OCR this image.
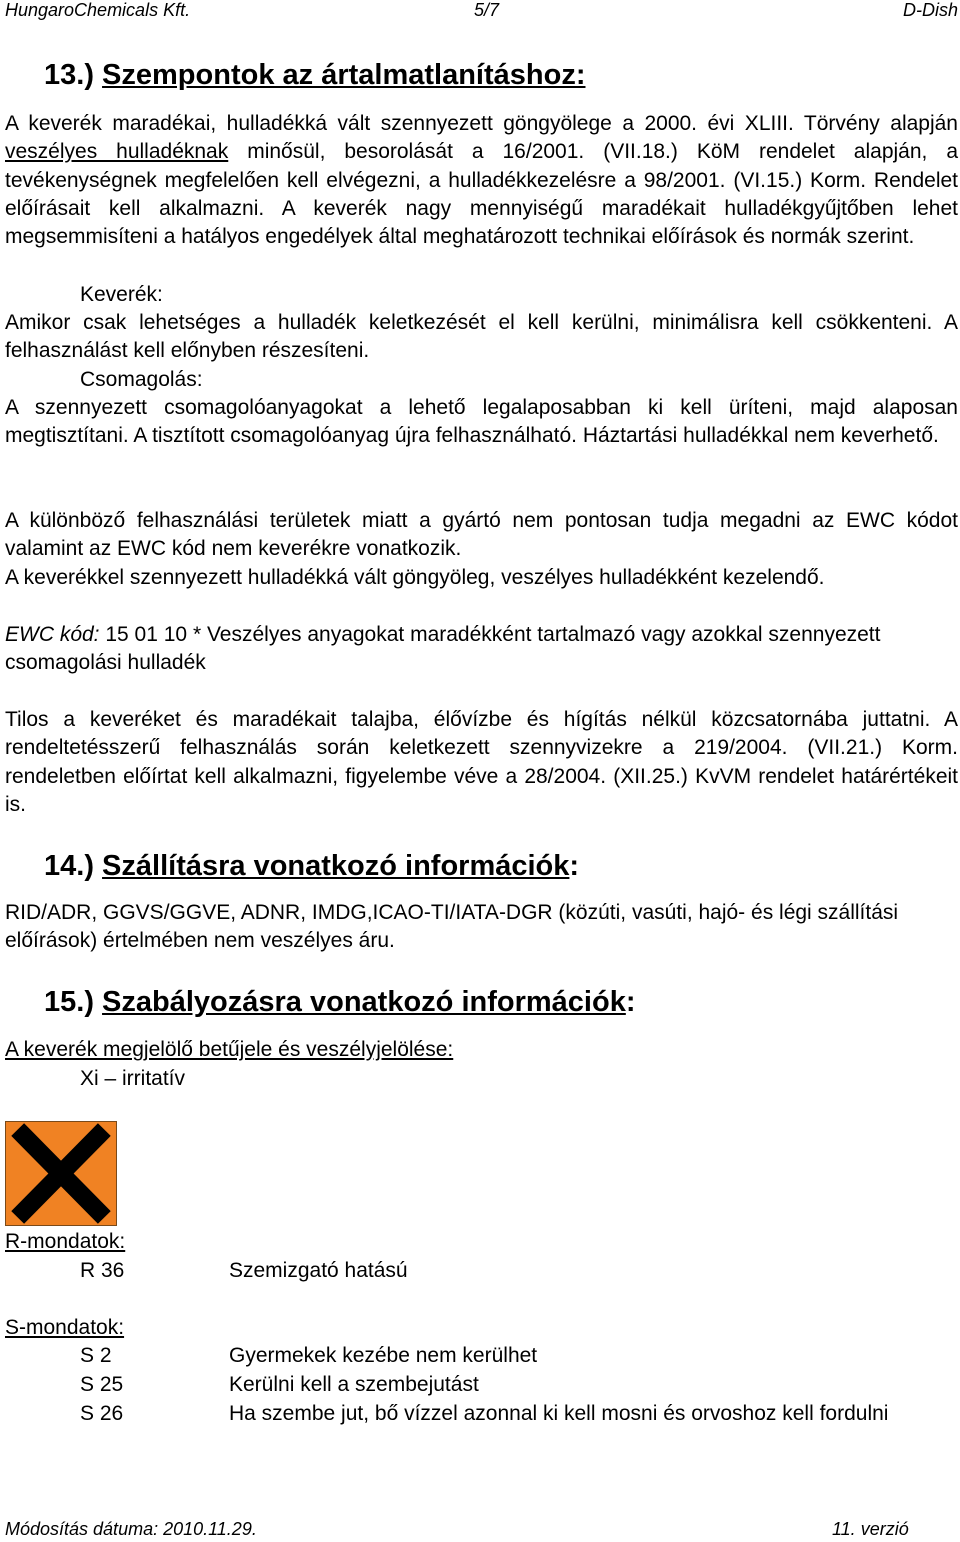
HungaroChemicals Kft.	5/7	D-Dish
13.) Szempontok az ártalmatlanításhoz:
A keverék maradékai, hulladékká vált szennyezett göngyölege a 2000. évi XLIII. Törvény alapján veszélyes hulladéknak minősül, besorolását a 16/2001. (VII.18.) KöM rendelet alapján, a tevékenységnek megfelelően kell elvégezni, a hulladékkezelésre a 98/2001. (VI.15.) Korm. Rendelet előírásait kell alkalmazni. A keverék nagy mennyiségű maradékait hulladékgyűjtőben lehet megsemmisíteni a hatályos engedélyek által meghatározott technikai előírások és normák szerint.
Keverék:
Amikor csak lehetséges a hulladék keletkezését el kell kerülni, minimálisra kell csökkenteni. A felhasználást kell előnyben részesíteni.
Csomagolás:
A szennyezett csomagolóanyagokat a lehető legalaposabban ki kell üríteni, majd alaposan megtisztítani. A tisztított csomagolóanyag újra felhasználható. Háztartási hulladékkal nem keverhető.
A különböző felhasználási területek miatt a gyártó nem pontosan tudja megadni az EWC kódot valamint az EWC kód nem keverékre vonatkozik.
A keverékkel szennyezett hulladékká vált göngyöleg, veszélyes hulladékként kezelendő.
EWC kód: 15 01 10 * Veszélyes anyagokat maradékként tartalmazó vagy azokkal szennyezett csomagolási hulladék
Tilos a keveréket és maradékait talajba, élővízbe és hígítás nélkül közcsatornába juttatni. A rendeltetésszerű felhasználás során keletkezett szennyvizekre a 219/2004. (VII.21.) Korm. rendeletben előírtat kell alkalmazni, figyelembe véve a 28/2004. (XII.25.) KvVM rendelet határértékeit is.
14.) Szállításra vonatkozó információk:
RID/ADR, GGVS/GGVE, ADNR, IMDG,ICAO-TI/IATA-DGR (közúti, vasúti, hajó- és légi szállítási előírások) értelmében nem veszélyes áru.
15.) Szabályozásra vonatkozó információk:
A keverék megjelölő betűjele és veszélyjelölése:
Xi – irritatív
R-mondatok:
R 36	Szemizgató hatású
S-mondatok:
S 2	Gyermekek kezébe nem kerülhet
S 25	Kerülni kell a szembejutást
S 26	Ha szembe jut, bő vízzel azonnal ki kell mosni és orvoshoz kell fordulni
Módosítás dátuma: 2010.11.29.	11. verzió
